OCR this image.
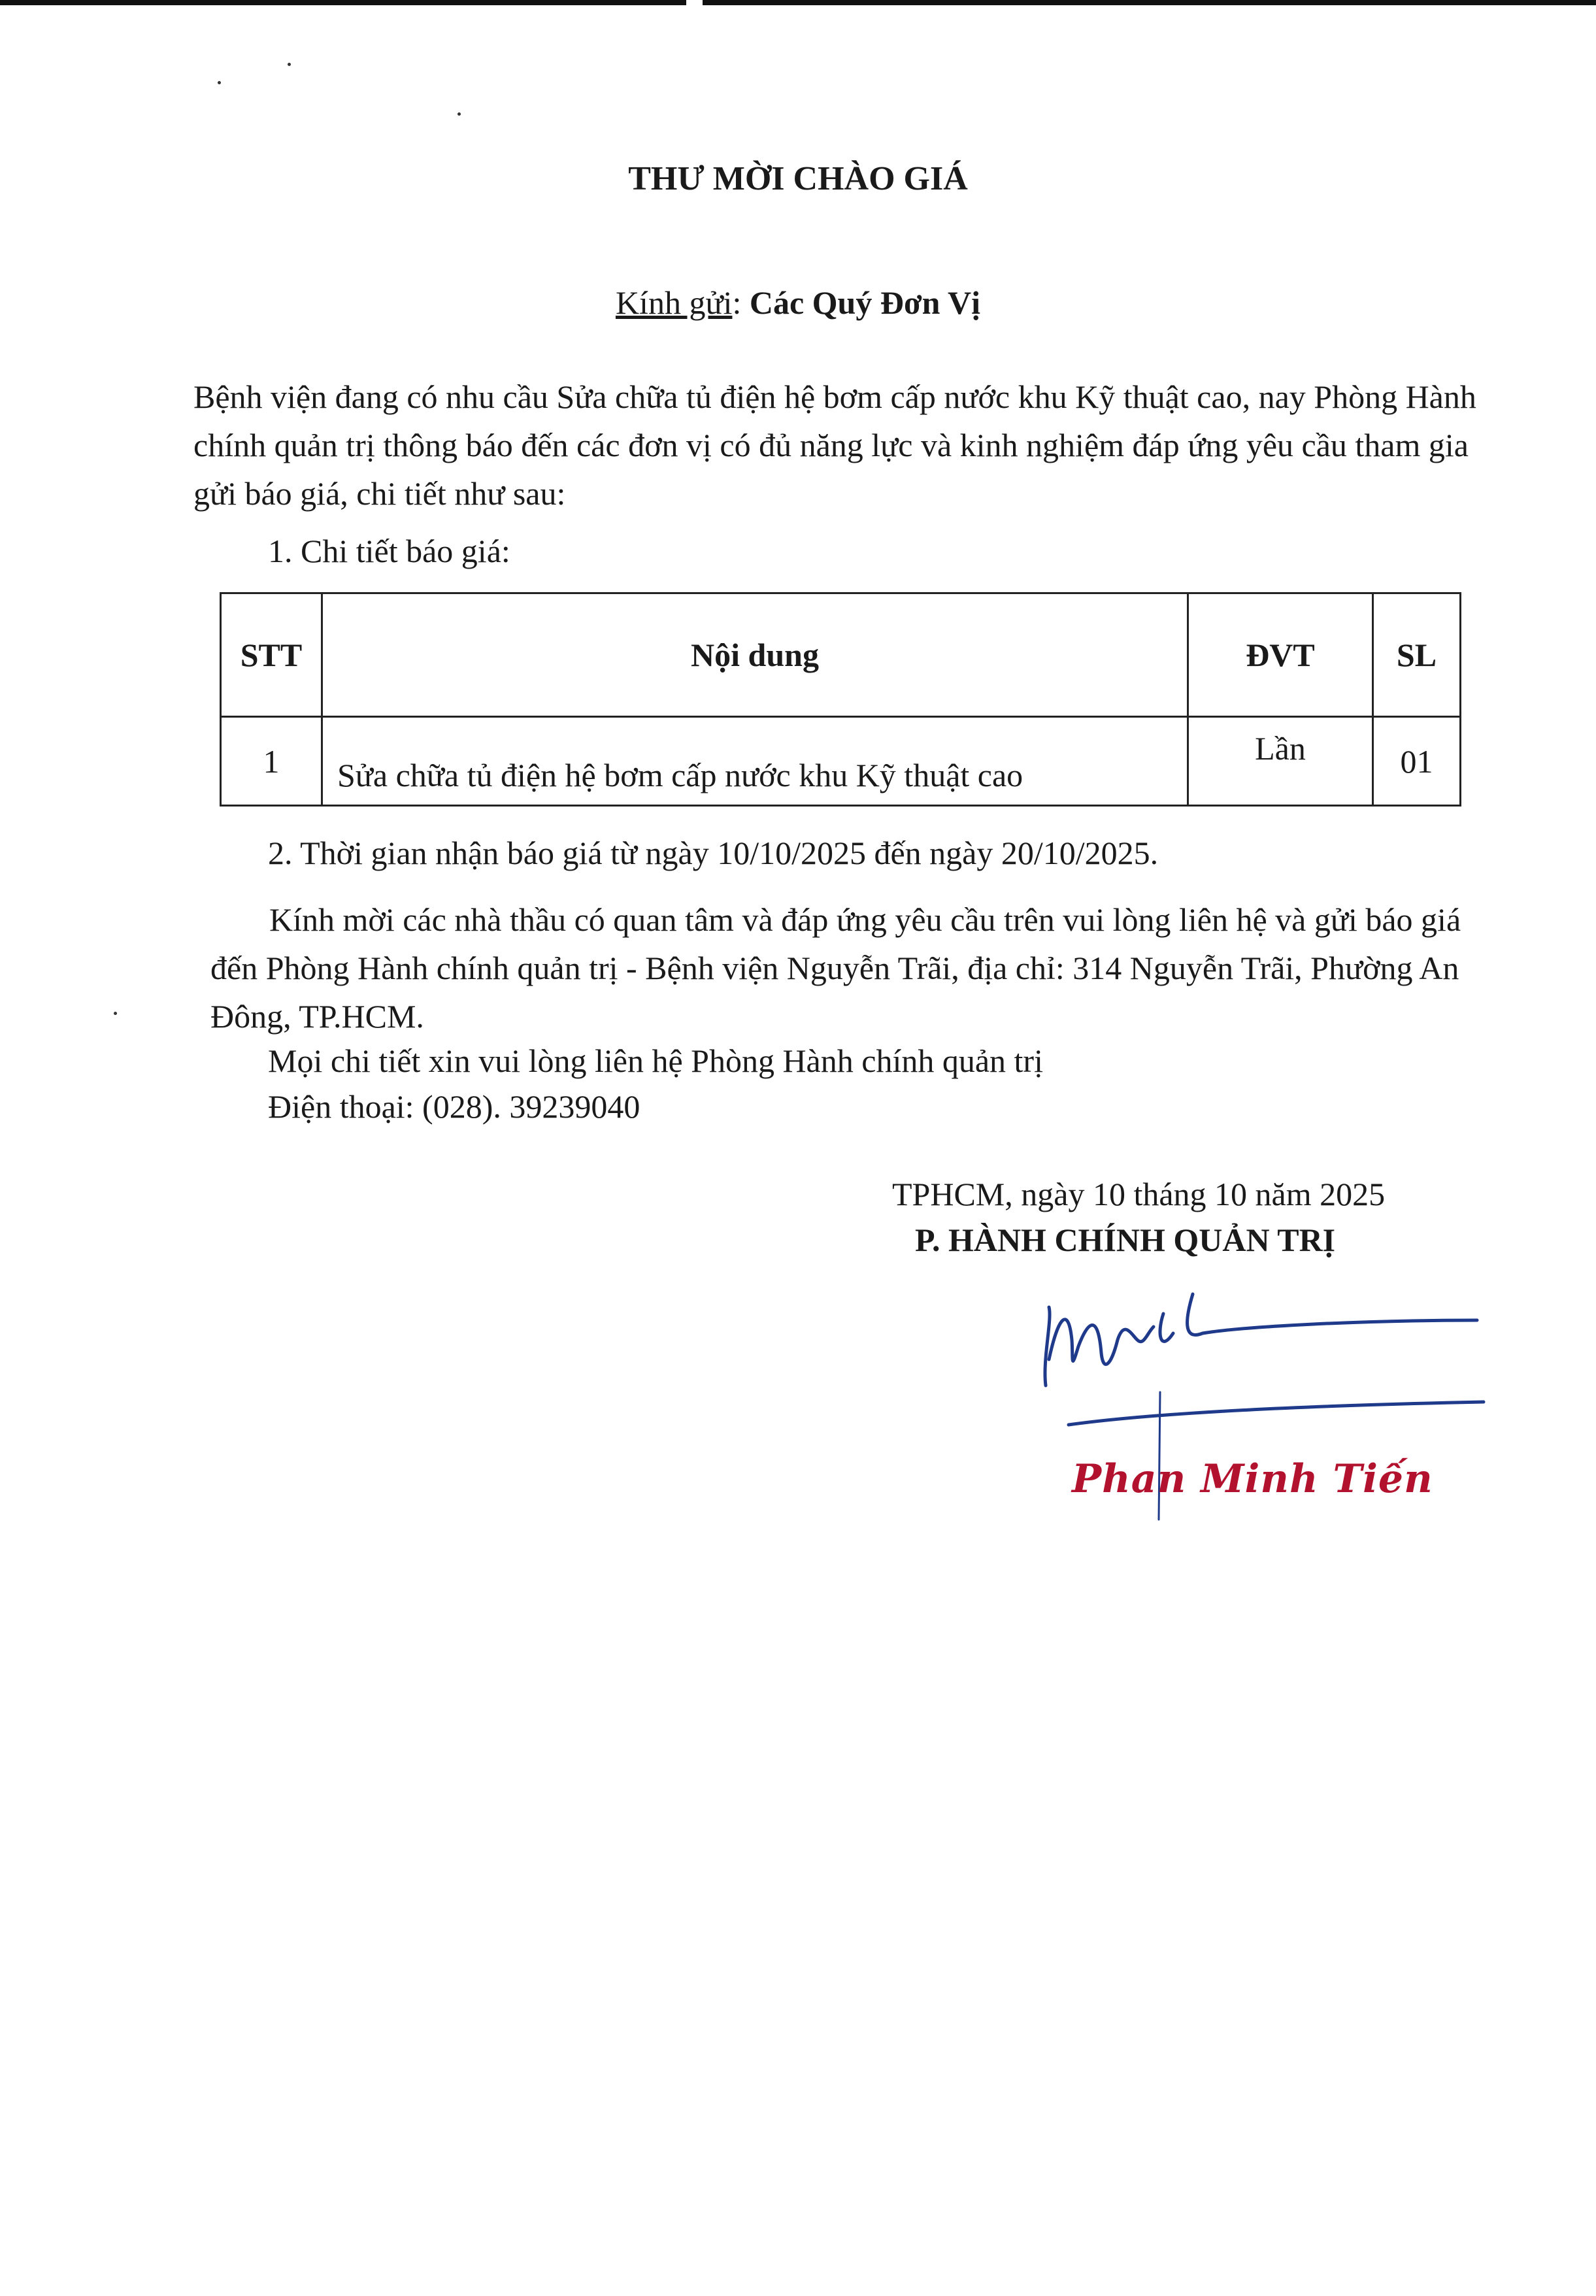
THƯ MỜI CHÀO GIÁ
Kính gửi: Các Quý Đơn Vị
Bệnh viện đang có nhu cầu Sửa chữa tủ điện hệ bơm cấp nước khu Kỹ thuật cao, nay Phòng Hành chính quản trị thông báo đến các đơn vị có đủ năng lực và kinh nghiệm đáp ứng yêu cầu tham gia gửi báo giá, chi tiết như sau:
1. Chi tiết báo giá:
STT	Nội dung	ĐVT	SL
1	Sửa chữa tủ điện hệ bơm cấp nước khu Kỹ thuật cao	Lần	01
2. Thời gian nhận báo giá từ ngày 10/10/2025 đến ngày 20/10/2025.
Kính mời các nhà thầu có quan tâm và đáp ứng yêu cầu trên vui lòng liên hệ và gửi báo giá đến Phòng Hành chính quản trị - Bệnh viện Nguyễn Trãi, địa chỉ: 314 Nguyễn Trãi, Phường An Đông, TP.HCM.
Mọi chi tiết xin vui lòng liên hệ Phòng Hành chính quản trị
Điện thoại: (028). 39239040
TPHCM, ngày 10 tháng 10 năm 2025
P. HÀNH CHÍNH QUẢN TRỊ
Phan Minh Tiến
